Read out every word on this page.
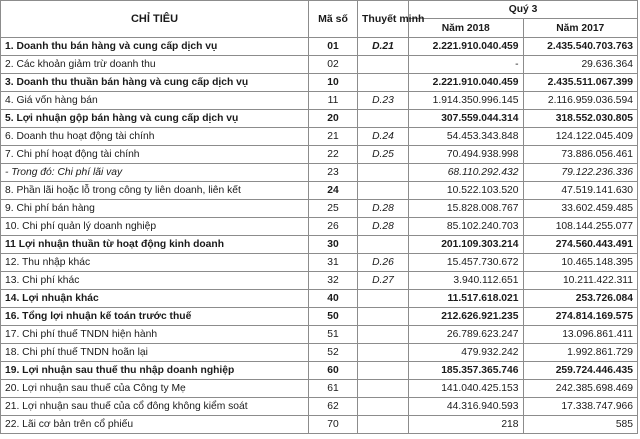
CHỈ TIÊU	Mã số	Thuyết minh	Quý 3	
			Năm 2018	Năm 2017
1. Doanh thu bán hàng và cung cấp dịch vụ	01	D.21	2.221.910.040.459	2.435.540.703.763
2. Các khoản giảm trừ doanh thu	02		-	29.636.364
3. Doanh thu thuần bán hàng và cung cấp dịch vụ	10		2.221.910.040.459	2.435.511.067.399
4. Giá vốn hàng bán	11	D.23	1.914.350.996.145	2.116.959.036.594
5. Lợi nhuận gộp bán hàng và cung cấp dịch vụ	20		307.559.044.314	318.552.030.805
6. Doanh thu hoạt động tài chính	21	D.24	54.453.343.848	124.122.045.409
7. Chi phí hoạt động tài chính	22	D.25	70.494.938.998	73.886.056.461
- Trong đó: Chi phí lãi vay	23		68.110.292.432	79.122.236.336
8. Phần lãi hoặc lỗ trong công ty liên doanh, liên kết	24		10.522.103.520	47.519.141.630
9. Chi phí bán hàng	25	D.28	15.828.008.767	33.602.459.485
10. Chi phí quản lý doanh nghiệp	26	D.28	85.102.240.703	108.144.255.077
11 Lợi nhuận thuần từ hoạt động kinh doanh	30		201.109.303.214	274.560.443.491
12. Thu nhập khác	31	D.26	15.457.730.672	10.465.148.395
13. Chi phí khác	32	D.27	3.940.112.651	10.211.422.311
14. Lợi nhuận khác	40		11.517.618.021	253.726.084
16. Tổng lợi nhuận kế toán trước thuế	50		212.626.921.235	274.814.169.575
17. Chi phí thuế TNDN hiện hành	51		26.789.623.247	13.096.861.411
18. Chi phí thuế TNDN hoãn lại	52		479.932.242	1.992.861.729
19. Lợi nhuận sau thuế thu nhập doanh nghiệp	60		185.357.365.746	259.724.446.435
20. Lợi nhuận sau thuế của Công ty Mẹ	61		141.040.425.153	242.385.698.469
21. Lợi nhuận sau thuế của cổ đông không kiểm soát	62		44.316.940.593	17.338.747.966
22. Lãi cơ bản trên cổ phiếu	70		218	585
